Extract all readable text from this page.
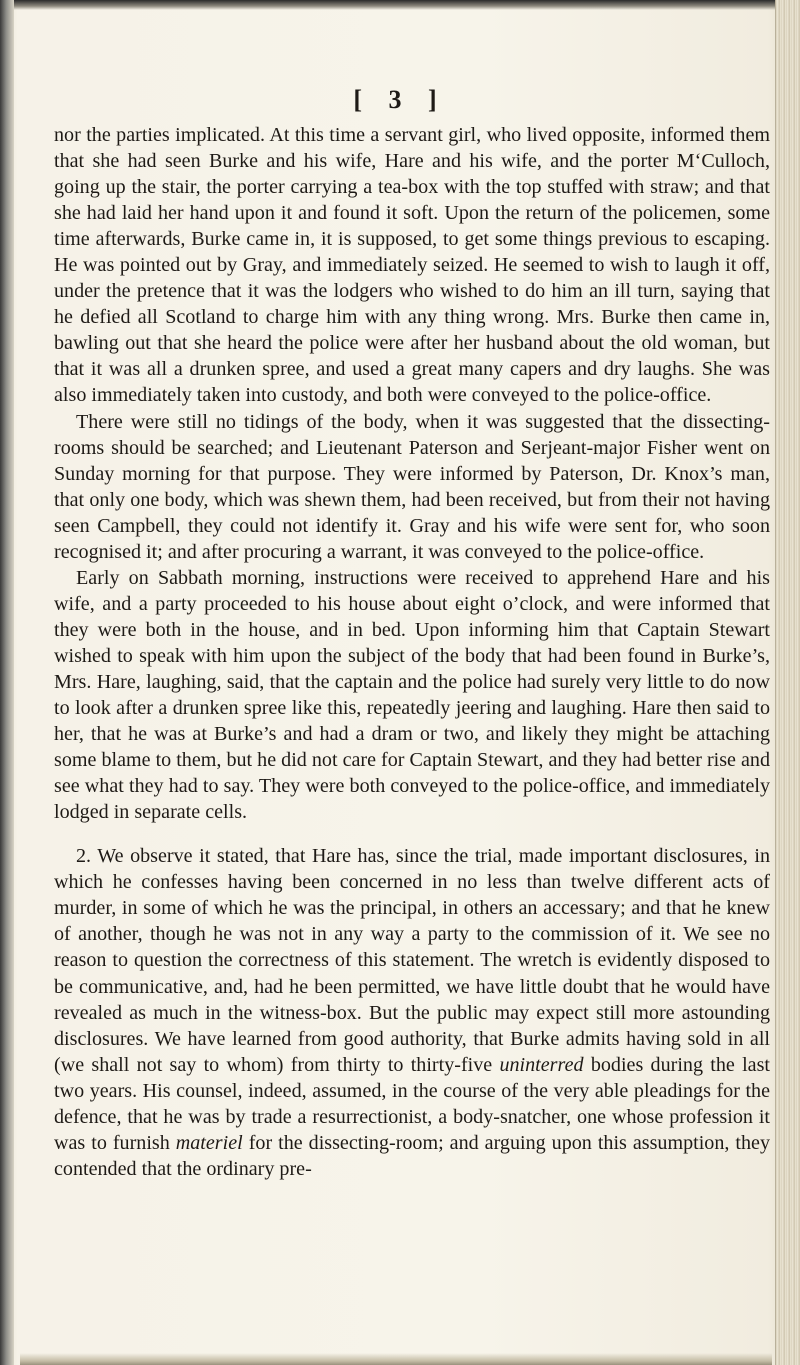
[ 3 ]

nor the parties implicated. At this time a servant girl, who lived opposite, informed them that she had seen Burke and his wife, Hare and his wife, and the porter M‘Culloch, going up the stair, the porter carrying a tea-box with the top stuffed with straw; and that she had laid her hand upon it and found it soft. Upon the return of the policemen, some time afterwards, Burke came in, it is supposed, to get some things previous to escaping. He was pointed out by Gray, and immediately seized. He seemed to wish to laugh it off, under the pretence that it was the lodgers who wished to do him an ill turn, saying that he defied all Scotland to charge him with any thing wrong. Mrs. Burke then came in, bawling out that she heard the police were after her husband about the old woman, but that it was all a drunken spree, and used a great many capers and dry laughs. She was also immediately taken into custody, and both were conveyed to the police-office.

There were still no tidings of the body, when it was suggested that the dissecting-rooms should be searched; and Lieutenant Paterson and Serjeant-major Fisher went on Sunday morning for that purpose. They were informed by Paterson, Dr. Knox’s man, that only one body, which was shewn them, had been received, but from their not having seen Campbell, they could not identify it. Gray and his wife were sent for, who soon recognised it; and after procuring a warrant, it was conveyed to the police-office.

Early on Sabbath morning, instructions were received to apprehend Hare and his wife, and a party proceeded to his house about eight o’clock, and were informed that they were both in the house, and in bed. Upon informing him that Captain Stewart wished to speak with him upon the subject of the body that had been found in Burke’s, Mrs. Hare, laughing, said, that the captain and the police had surely very little to do now to look after a drunken spree like this, repeatedly jeering and laughing. Hare then said to her, that he was at Burke’s and had a dram or two, and likely they might be attaching some blame to them, but he did not care for Captain Stewart, and they had better rise and see what they had to say. They were both conveyed to the police-office, and immediately lodged in separate cells.

2. We observe it stated, that Hare has, since the trial, made important disclosures, in which he confesses having been concerned in no less than twelve different acts of murder, in some of which he was the principal, in others an accessary; and that he knew of another, though he was not in any way a party to the commission of it. We see no reason to question the correctness of this statement. The wretch is evidently disposed to be communicative, and, had he been permitted, we have little doubt that he would have revealed as much in the witness-box. But the public may expect still more astounding disclosures. We have learned from good authority, that Burke admits having sold in all (we shall not say to whom) from thirty to thirty-five uninterred bodies during the last two years. His counsel, indeed, assumed, in the course of the very able pleadings for the defence, that he was by trade a resurrectionist, a body-snatcher, one whose profession it was to furnish materiel for the dissecting-room; and arguing upon this assumption, they contended that the ordinary pre-
